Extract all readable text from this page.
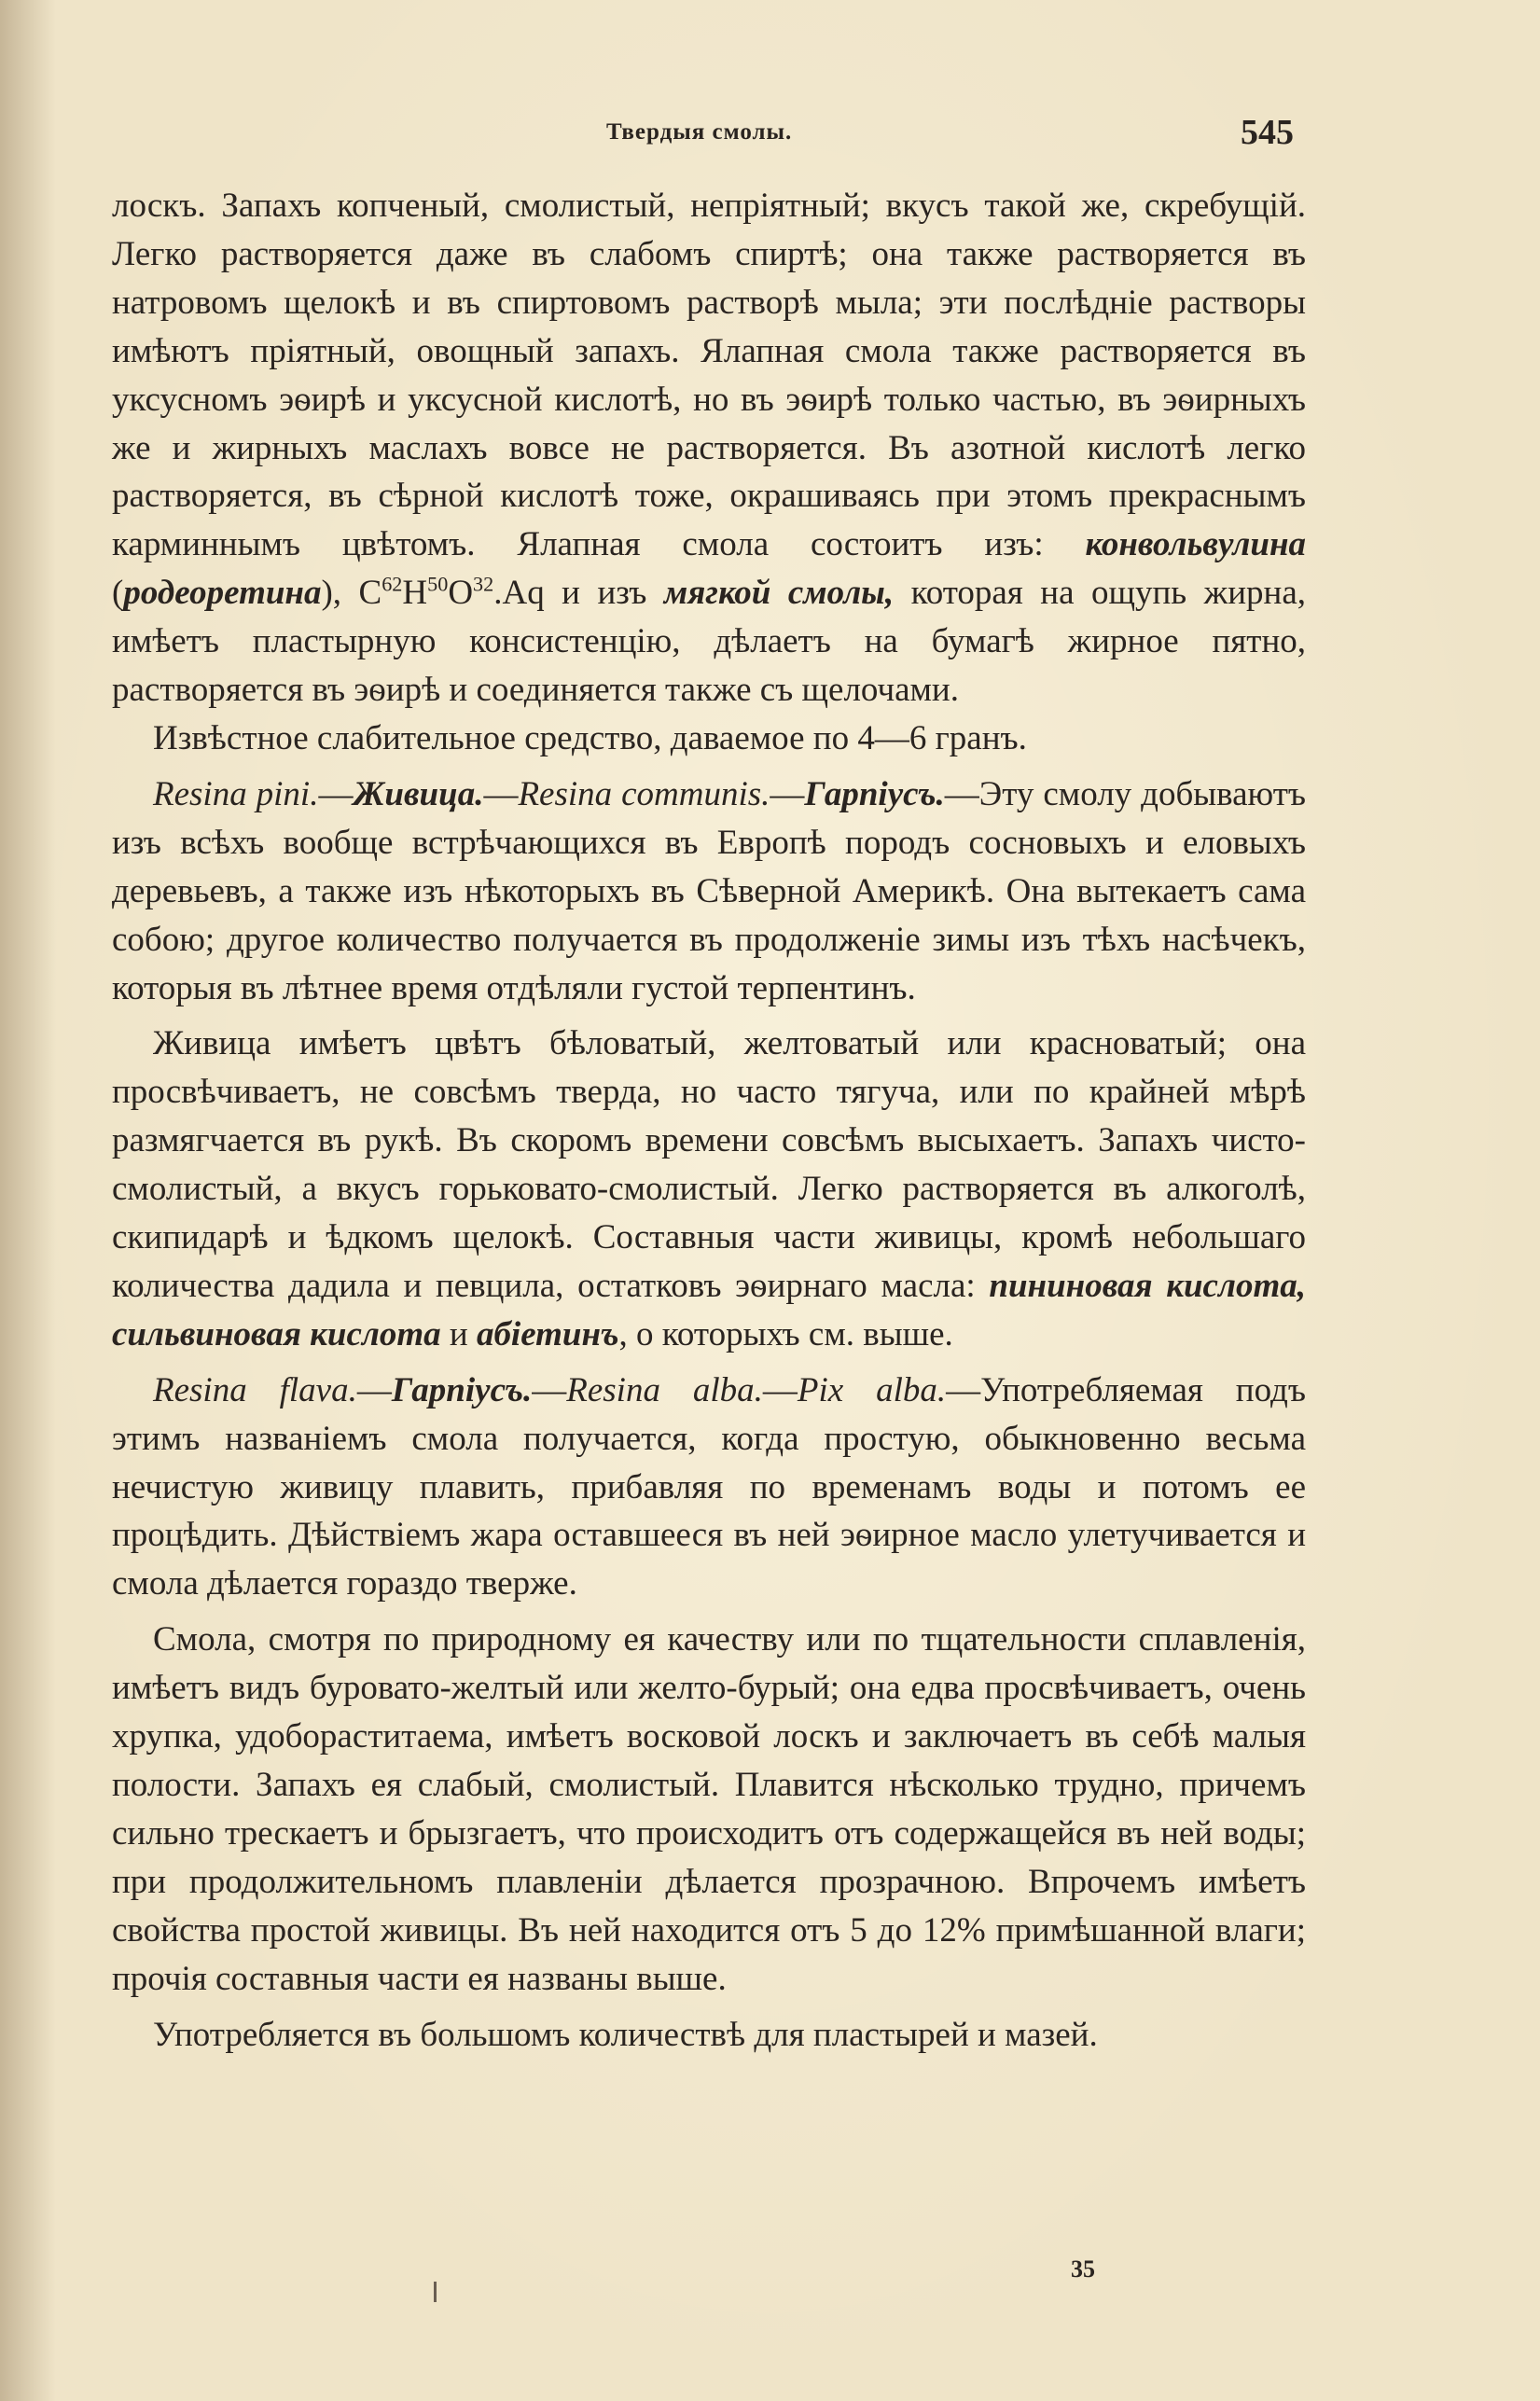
Твердыя смолы.	545

лоскъ. Запахъ копченый, смолистый, непріятный; вкусъ такой же, скребущій. Легко растворяется даже въ слабомъ спиртѣ; она также растворяется въ натровомъ щелокѣ и въ спиртовомъ растворѣ мыла; эти послѣдніе растворы имѣютъ пріятный, овощный запахъ. Ялапная смола также растворяется въ уксусномъ эѳирѣ и уксусной кислотѣ, но въ эѳирѣ только частью, въ эѳирныхъ же и жирныхъ маслахъ вовсе не растворяется. Въ азотной кислотѣ легко растворяется, въ сѣрной кислотѣ тоже, окрашиваясь при этомъ прекраснымъ карминнымъ цвѣтомъ. Ялапная смола состоитъ изъ: конвольвулина (родеоретина), $C^{62}H^{50}O^{32}.Aq$ и изъ мягкой смолы, которая на ощупь жирна, имѣетъ пластырную консистенцію, дѣлаетъ на бумагѣ жирное пятно, растворяется въ эѳирѣ и соединяется также съ щелочами.

Извѣстное слабительное средство, даваемое по 4—6 гранъ.

Resina pini.—Живица.—Resina communis.—Гарпіусъ.—Эту смолу добываютъ изъ всѣхъ вообще встрѣчающихся въ Европѣ породъ сосновыхъ и еловыхъ деревьевъ, а также изъ нѣкоторыхъ въ Сѣверной Америкѣ. Она вытекаетъ сама собою; другое количество получается въ продолженіе зимы изъ тѣхъ насѣчекъ, которыя въ лѣтнее время отдѣляли густой терпентинъ.

Живица имѣетъ цвѣтъ бѣловатый, желтоватый или красноватый; она просвѣчиваетъ, не совсѣмъ тверда, но часто тягуча, или по крайней мѣрѣ размягчается въ рукѣ. Въ скоромъ времени совсѣмъ высыхаетъ. Запахъ чисто-смолистый, а вкусъ горьковато-смолистый. Легко растворяется въ алкоголѣ, скипидарѣ и ѣдкомъ щелокѣ. Составныя части живицы, кромѣ небольшаго количества дадила и певцила, остатковъ эѳирнаго масла: пининовая кислота, сильвиновая кислота и абіетинъ, о которыхъ см. выше.

Resina flava.—Гарпіусъ.—Resina alba.—Pix alba.—Употребляемая подъ этимъ названіемъ смола получается, когда простую, обыкновенно весьма нечистую живицу плавить, прибавляя по временамъ воды и потомъ ее процѣдить. Дѣйствіемъ жара оставшееся въ ней эѳирное масло улетучивается и смола дѣлается гораздо тверже.

Смола, смотря по природному ея качеству или по тщательности сплавленія, имѣетъ видъ буровато-желтый или желто-бурый; она едва просвѣчиваетъ, очень хрупка, удобораститаема, имѣетъ восковой лоскъ и заключаетъ въ себѣ малыя полости. Запахъ ея слабый, смолистый. Плавится нѣсколько трудно, причемъ сильно трескаетъ и брызгаетъ, что происходитъ отъ содержащейся въ ней воды; при продолжительномъ плавленіи дѣлается прозрачною. Впрочемъ имѣетъ свойства простой живицы. Въ ней находится отъ 5 до 12% примѣшанной влаги; прочія составныя части ея названы выше.

Употребляется въ большомъ количествѣ для пластырей и мазей.

35
